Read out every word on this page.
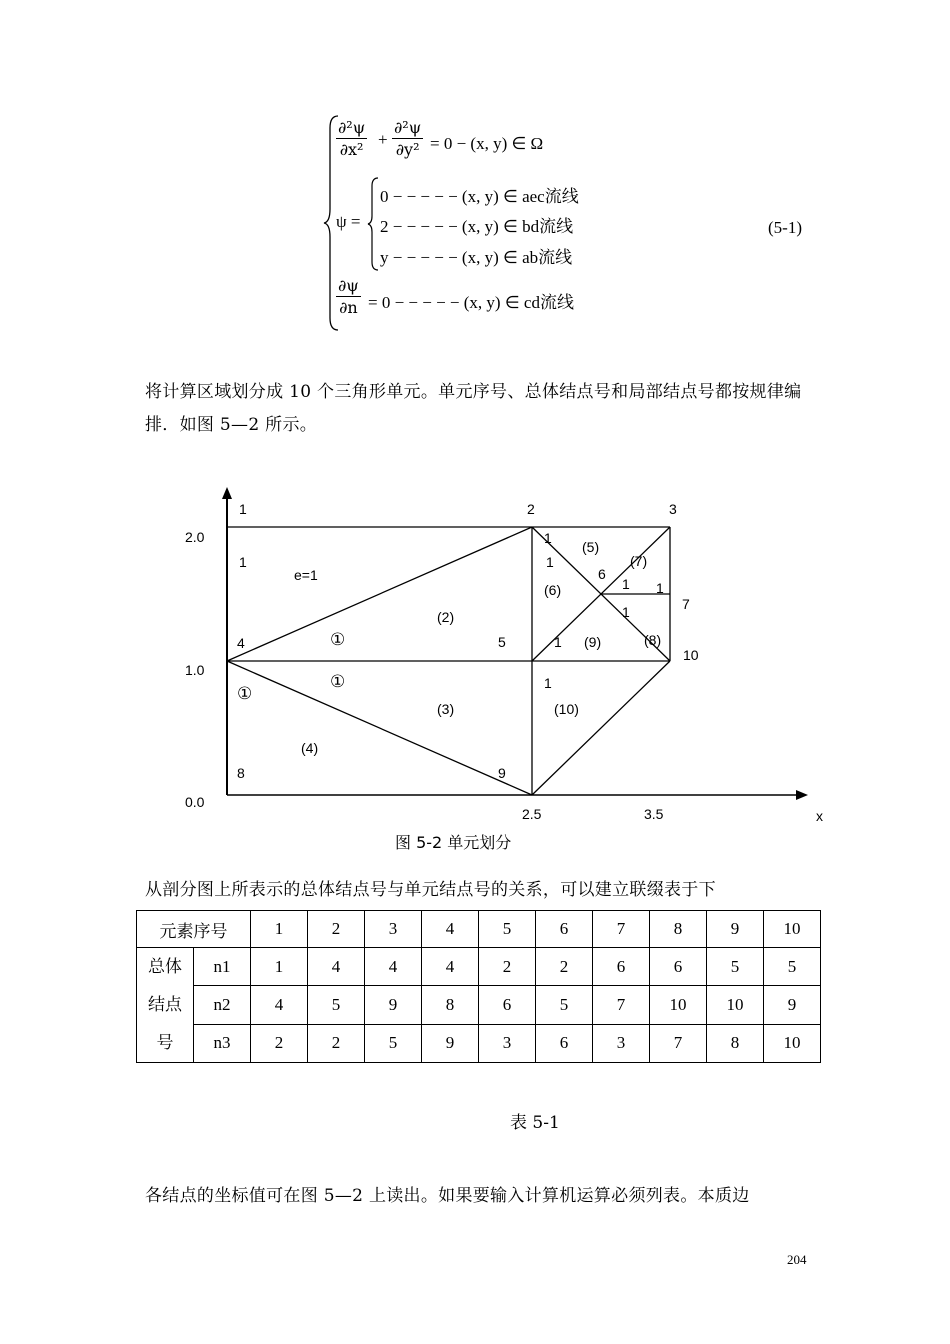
∂²ψ
∂x²
+
∂²ψ
∂y² = 0 − (x, y) ∈ Ω
ψ =
0 − − − − − (x, y) ∈ aec流线
2 − − − − − (x, y) ∈ bd流线
y − − − − − (x, y) ∈ ab流线
∂ψ
∂n = 0 − − − − − (x, y) ∈ cd流线
(5-1)
将计算区域划分成 10 个三角形单元。单元序号、总体结点号和局部结点号都按规律编排．如图 5—2 所示。
2.0
1.0
0.0
2.5	3.5	x
1	2	3
4	5
6
7
8	9
10
e=1
(2)
(3)
(4)
(5)
(6)
(7)
(8)
(9)
(10)
1
1
1
1
1
1
1
1
①
①
①
图 5-2 单元划分
从剖分图上所表示的总体结点号与单元结点号的关系，可以建立联缀表于下
元素序号		1	2	3	4	5	6	7	8	9	10
总体
结点
号	n1	1	4	4	4	2	2	6	6	5	5
	n2	4	5	9	8	6	5	7	10	10	9
	n3	2	2	5	9	3	6	3	7	8	10
表 5-1
各结点的坐标值可在图 5—2 上读出。如果要输入计算机运算必须列表。本质边
204
